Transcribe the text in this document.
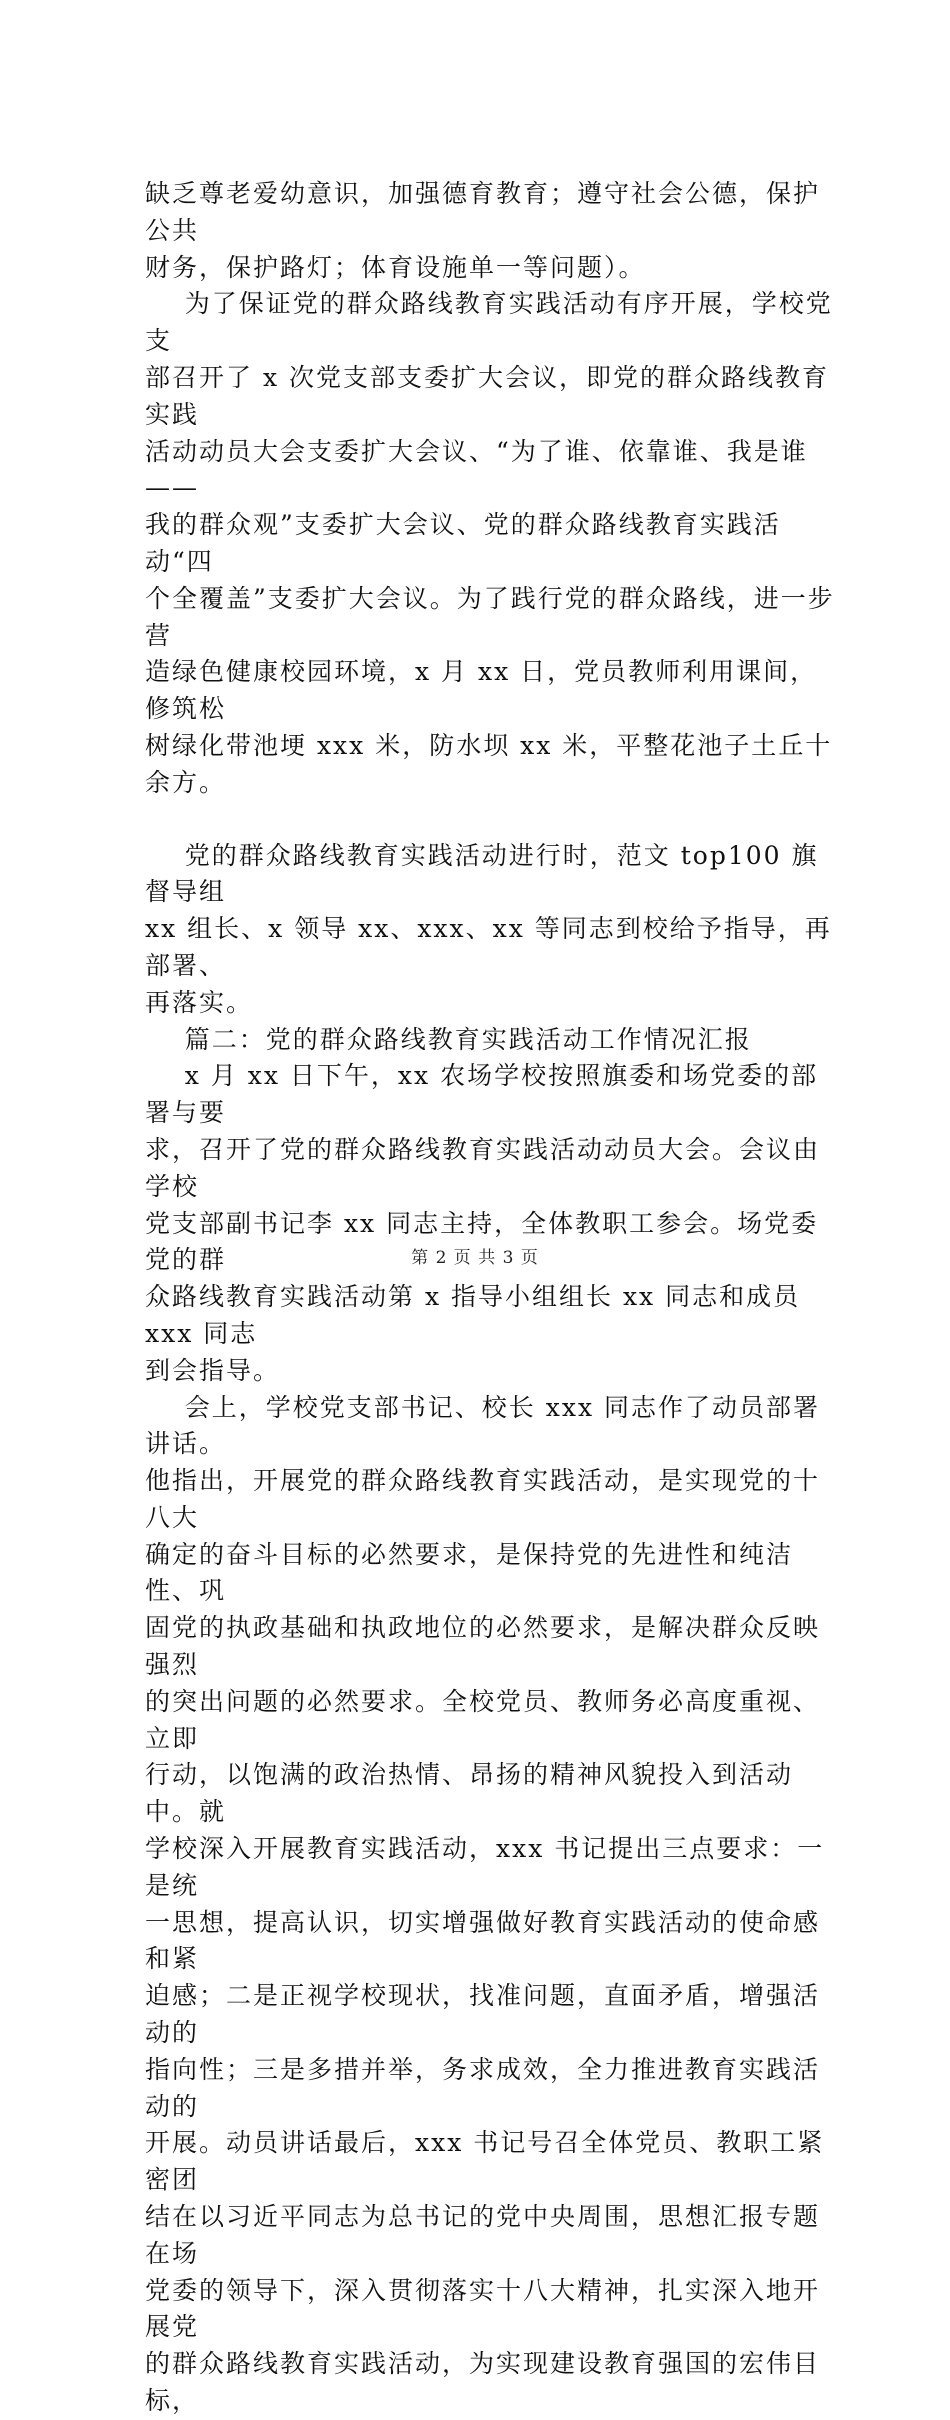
缺乏尊老爱幼意识，加强德育教育；遵守社会公德，保护公共
财务，保护路灯；体育设施单一等问题）。

为了保证党的群众路线教育实践活动有序开展，学校党支
部召开了 x 次党支部支委扩大会议，即党的群众路线教育实践
活动动员大会支委扩大会议、“为了谁、依靠谁、我是谁——
我的群众观”支委扩大会议、党的群众路线教育实践活动“四
个全覆盖”支委扩大会议。为了践行党的群众路线，进一步营
造绿色健康校园环境，x 月 xx 日，党员教师利用课间，修筑松
树绿化带池埂 xxx 米，防水坝 xx 米，平整花池子土丘十余方。

党的群众路线教育实践活动进行时，范文 top100 旗督导组
xx 组长、x 领导 xx、xxx、xx 等同志到校给予指导，再部署、
再落实。

篇二：党的群众路线教育实践活动工作情况汇报

x 月 xx 日下午，xx 农场学校按照旗委和场党委的部署与要
求，召开了党的群众路线教育实践活动动员大会。会议由学校
党支部副书记李 xx 同志主持，全体教职工参会。场党委党的群
众路线教育实践活动第 x 指导小组组长 xx 同志和成员 xxx 同志
到会指导。

会上，学校党支部书记、校长 xxx 同志作了动员部署讲话。
他指出，开展党的群众路线教育实践活动，是实现党的十八大
确定的奋斗目标的必然要求，是保持党的先进性和纯洁性、巩
固党的执政基础和执政地位的必然要求，是解决群众反映强烈
的突出问题的必然要求。全校党员、教师务必高度重视、立即
行动，以饱满的政治热情、昂扬的精神风貌投入到活动中。就
学校深入开展教育实践活动，xxx 书记提出三点要求：一是统
一思想，提高认识，切实增强做好教育实践活动的使命感和紧
迫感；二是正视学校现状，找准问题，直面矛盾，增强活动的
指向性；三是多措并举，务求成效，全力推进教育实践活动的
开展。动员讲话最后，xxx 书记号召全体党员、教职工紧密团
结在以习近平同志为总书记的党中央周围，思想汇报专题在场
党委的领导下，深入贯彻落实十八大精神，扎实深入地开展党
的群众路线教育实践活动，为实现建设教育强国的宏伟目标，

第 2 页 共 3 页
